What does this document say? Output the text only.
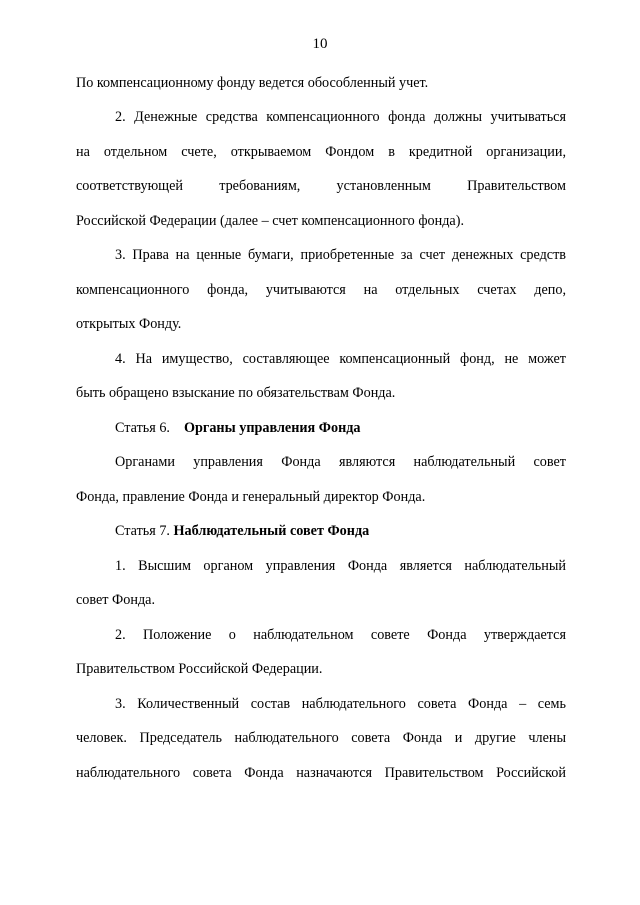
10
По компенсационному фонду ведется обособленный учет.
2. Денежные средства компенсационного фонда должны учитываться
на отдельном счете, открываемом Фондом в кредитной организации,
соответствующей требованиям, установленным Правительством
Российской Федерации (далее – счет компенсационного фонда).
3. Права на ценные бумаги, приобретенные за счет денежных средств
компенсационного фонда, учитываются на отдельных счетах депо,
открытых Фонду.
4. На имущество, составляющее компенсационный фонд, не может
быть обращено взыскание по обязательствам Фонда.
Статья 6. Органы управления Фонда
Органами управления Фонда являются наблюдательный совет
Фонда, правление Фонда и генеральный директор Фонда.
Статья 7. Наблюдательный совет Фонда
1. Высшим органом управления Фонда является наблюдательный
совет Фонда.
2. Положение о наблюдательном совете Фонда утверждается
Правительством Российской Федерации.
3. Количественный состав наблюдательного совета Фонда – семь
человек. Председатель наблюдательного совета Фонда и другие члены
наблюдательного совета Фонда назначаются Правительством Российской
